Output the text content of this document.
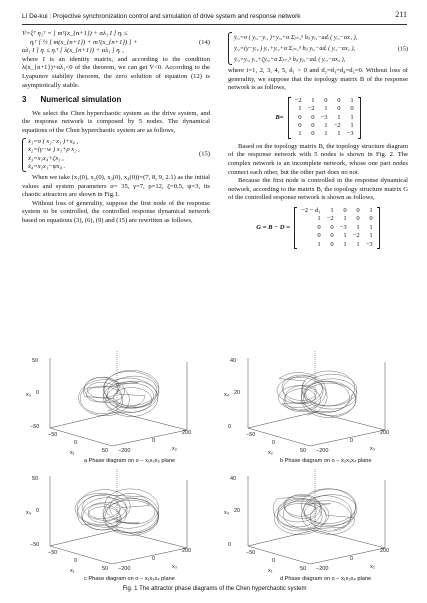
LI De-kui : Projective synchronization control and simulation of drive system and response network	211
V̇=ξ̇ᵀ η₁ᵀ = [ mᵀ(x_{n+1}) + αλ₁ I ] ηᵢ ≤
ηᵢᵀ [ ½ [ m(x_{n+1}) + mᵀ(x_{n+1}) ] +
αλ₁ I ] ηᵢ ≤ ηᵢᵀ [ λ(x_{n+1}) + αλ₁ ] ηᵢ ,
(14)

where I is an identity matrix, and according to the condition λ(x_{n+1})+αλ₁<0 of the theorem, we can get V̇<0. According to the Lyapunov stability theorem, the zero solution of equation (12) is asymptotically stable.

3 Numerical simulation

We select the Chen hyperchaotic system as the drive system, and the response network is composed by 5 nodes. The dynamical equations of the Chen hyperchaotic system are as follows,

ẋ₁=σ ( x₂−x₁ )+x₄ ,
ẋ₂=(γ−w ) x₁+ρ x₂ ,
ẋ₃=x₁x₄+ζx₃ ,
ẋ₄=x₁x₃−ψx₄ .
(15)

When we take (x₁(0), x₂(0), x₃(0), x₄(0))=(7, 8, 9, 2.1) as the initial values and system parameters σ= 35, γ=7, ρ=12, ζ=0.5, ψ=3, its chaotic attractors are shown in Fig.1.

Without loss of generality, suppose the first node of the response system to be controlled, the controlled response dynamical network based on equations (3), (6), (9) and (15) are rewritten as follows,

ẏᵢ₁=σ ( yᵢ₂−yᵢ₁ )+yᵢ₃+α Σⱼ₌₁⁵ bᵢⱼ yⱼ₁−adᵢ ( yᵢ₁−αx₁ ),
ẏᵢ₂=(γ−yᵢ₄ ) yᵢ₁+yᵢ₂+α Σⱼ₌₁⁵ bᵢⱼ yⱼ₂−adᵢ ( yᵢ₂−αx₂ ),
ẏᵢ₃=yᵢ₄ yᵢ₂+ζyᵢ₃+α Σⱼ₌₁⁵ bᵢⱼ yⱼ₃−adᵢ ( yᵢ₃−αx₃ ),
(15)

where i=1, 2, 3, 4, 5, d₁ > 0 and d₂=d₃=d₄=d₅=0. Without loss of generality, we suppose that the topology matrix B of the response network is as follows,

B=
−2	1	0	0	1
1	−2	1	0	0
0	0	−3	1	1
0	0	1	−2	1
1	0	1	1	−3

Based on the topology matrix B, the topology structure diagram of the response network with 5 nodes is shown in Fig. 2. The complex network is an incomplete network, whose one part nodes connect each other, but the other part does no not.

Because the first node is controlled in the response dynamical network, according to the matrix B, the topology structure matrix G of the controlled response network is shown as follows,

G = B − D =
−2 − d₁	1	0	0	1
1	−2	1	0	0
0	0	−3	1	1
0	0	1	−2	1
1	0	1	1	−3
50
0
−50
x₃
−50
0
50
x₁	−200
0
200
x₂
40
20
0
x₄
−50
0
50
x₂	−200
0
200
x₃
50
0
−50
x₄
−50
0
50
x₁	−200
0
200
x₃
40
20
0
x₄
−50
0
50
x₁	−200
0
200
x₂
a Phase diagram on o − x₁x₂x₃ plane	b Phase diagram on o − x₂x₃x₄ plane
c Phase diagram on o − x₁x₃x₄ plane	d Phase diagram on o − x₁x₂x₄ plane
Fig. 1 The attractor phase diagrams of the Chen hyperchaotic system
